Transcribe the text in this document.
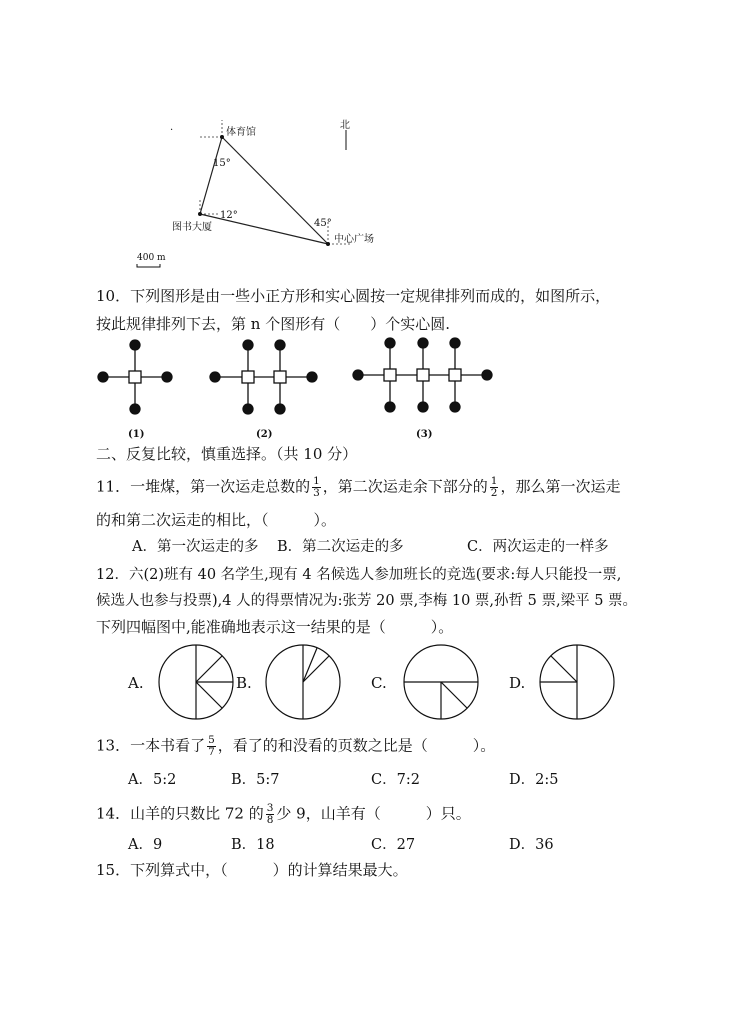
北
体育馆
图书大厦
中心广场
15°
12°
45°
400 m
.
10．下列图形是由一些小正方形和实心圆按一定规律排列而成的，如图所示，
按此规律排列下去，第 n 个图形有（　　）个实心圆.
(1)	(2)	(3)
二、反复比较，慎重选择。（共 10 分）
11．一堆煤，第一次运走总数的 $\frac{1}{3}$ ，第二次运走余下部分的 $\frac{1}{2}$ ，那么第一次运走
的和第二次运走的相比，（　　　）。
A．第一次运走的多 B．第二次运走的多	C．两次运走的一样多
12．六(2)班有 40 名学生,现有 4 名候选人参加班长的竞选(要求:每人只能投一票,
候选人也参与投票),4 人的得票情况为:张芳 20 票,李梅 10 票,孙哲 5 票,梁平 5 票。
下列四幅图中,能准确地表示这一结果的是（　　　）。
A.	B.	C.	D.
13．一本书看了 $\frac{5}{7}$ ，看了的和没看的页数之比是（　　　）。
A．5:2	B．5:7	C．7:2	D．2:5
14．山羊的只数比 72 的 $\frac{3}{8}$ 少 9，山羊有（　　　）只。
A．9	B．18	C．27	D．36
15．下列算式中，（　　　）的计算结果最大。
